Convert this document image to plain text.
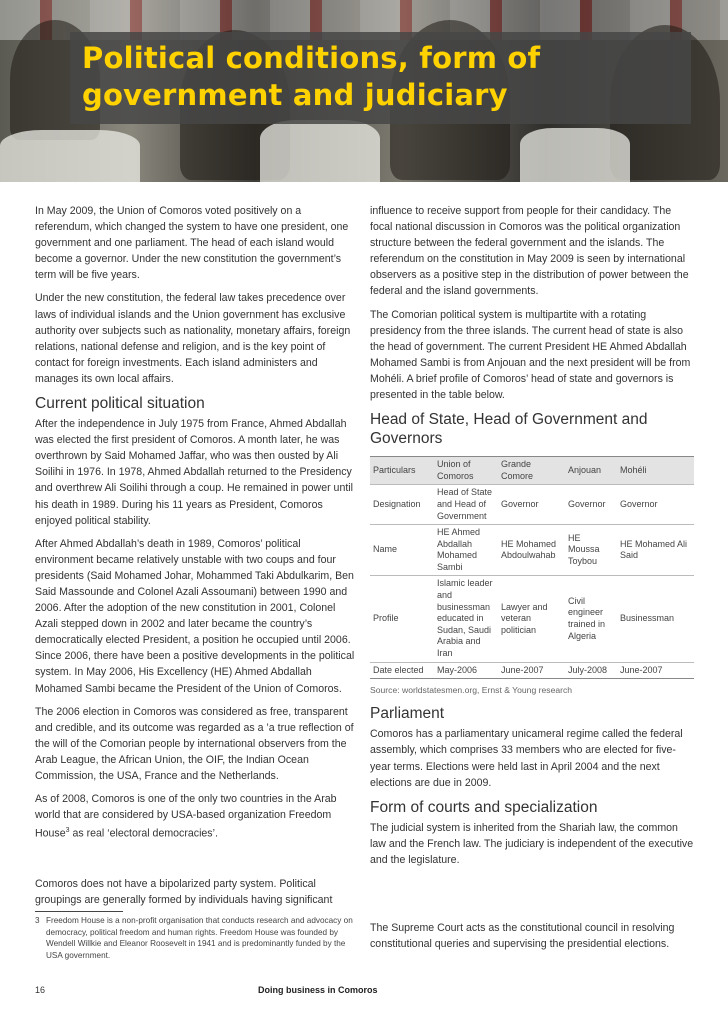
Political conditions, form of
government and judiciary

In May 2009, the Union of Comoros voted positively on a referendum, which changed the system to have one president, one government and one parliament. The head of each island would become a governor. Under the new constitution the government’s term will be five years.

Under the new constitution, the federal law takes precedence over laws of individual islands and the Union government has exclusive authority over subjects such as nationality, monetary affairs, foreign relations, national defense and religion, and is the key point of contact for foreign investments. Each island administers and manages its own local affairs.

Current political situation

After the independence in July 1975 from France, Ahmed Abdallah was elected the first president of Comoros. A month later, he was overthrown by Said Mohamed Jaffar, who was then ousted by Ali Soilihi in 1976. In 1978, Ahmed Abdallah returned to the Presidency and overthrew Ali Soilihi through a coup. He remained in power until his death in 1989. During his 11 years as President, Comoros enjoyed political stability.

After Ahmed Abdallah’s death in 1989, Comoros’ political environment became relatively unstable with two coups and four presidents (Said Mohamed Johar, Mohammed Taki Abdulkarim, Ben Said Massounde and Colonel Azali Assoumani) between 1990 and 2006. After the adoption of the new constitution in 2001, Colonel Azali stepped down in 2002 and later became the country’s democratically elected President, a position he occupied until 2006. Since 2006, there have been a positive developments in the political system. In May 2006, His Excellency (HE) Ahmed Abdallah Mohamed Sambi became the President of the Union of Comoros.

The 2006 election in Comoros was considered as free, transparent and credible, and its outcome was regarded as a ’a true reflection of the will of the Comorian people by international observers from the Arab League, the African Union, the OIF, the Indian Ocean Commission, the USA, France and the Netherlands.

As of 2008, Comoros is one of the only two countries in the Arab world that are considered by USA-based organization Freedom House$^3$ as real ‘electoral democracies’.

Comoros does not have a bipolarized party system. Political groupings are generally formed by individuals having significant
3 Freedom House is a non-profit organisation that conducts research and advocacy on democracy, political freedom and human rights. Freedom House was founded by Wendell Willkie and Eleanor Roosevelt in 1941 and is predominantly funded by the USA government.

influence to receive support from people for their candidacy. The focal national discussion in Comoros was the political organization structure between the federal government and the islands. The referendum on the constitution in May 2009 is seen by international observers as a positive step in the distribution of power between the federal and the island governments.

The Comorian political system is multipartite with a rotating presidency from the three islands. The current head of state is also the head of government. The current President HE Ahmed Abdallah Mohamed Sambi is from Anjouan and the next president will be from Mohéli. A brief profile of Comoros’ head of state and governors is presented in the table below.

Head of State, Head of Government and Governors
Particulars	Union of Comoros	Grande Comore	Anjouan	Mohéli
Designation	Head of State and Head of Government	Governor	Governor	Governor
Name	HE Ahmed Abdallah Mohamed Sambi	HE Mohamed Abdoulwahab	HE Moussa Toybou	HE Mohamed Ali Said
Profile	Islamic leader and businessman educated in Sudan, Saudi Arabia and Iran	Lawyer and veteran politician	Civil engineer trained in Algeria	Businessman
Date elected	May-2006	June-2007	July-2008	June-2007
Source: worldstatesmen.org, Ernst & Young research
Parliament

Comoros has a parliamentary unicameral regime called the federal assembly, which comprises 33 members who are elected for five-year terms. Elections were held last in April 2004 and the next elections are due in 2009.

Form of courts and specialization

The judicial system is inherited from the Shariah law, the common law and the French law. The judiciary is independent of the executive and the legislature.

The Supreme Court acts as the constitutional council in resolving constitutional queries and supervising the presidential elections.
16	Doing business in Comoros
